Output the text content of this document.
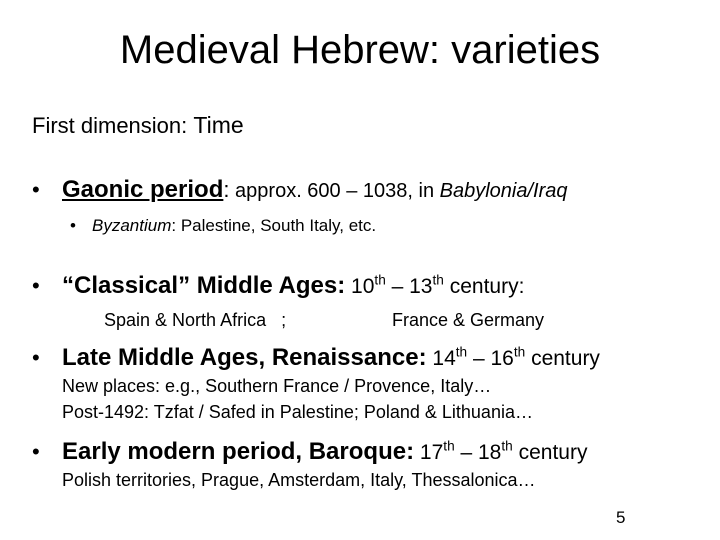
Medieval Hebrew: varieties
First dimension: Time
• Gaonic period: approx. 600 – 1038, in Babylonia/Iraq
• Byzantium: Palestine, South Italy, etc.
• “Classical” Middle Ages: 10th – 13th century:
Spain & North Africa   ;	France & Germany
• Late Middle Ages, Renaissance: 14th – 16th century
New places: e.g., Southern France / Provence, Italy…
Post-1492: Tzfat / Safed in Palestine; Poland & Lithuania…
• Early modern period, Baroque: 17th – 18th century
Polish territories, Prague, Amsterdam, Italy, Thessalonica…
5
